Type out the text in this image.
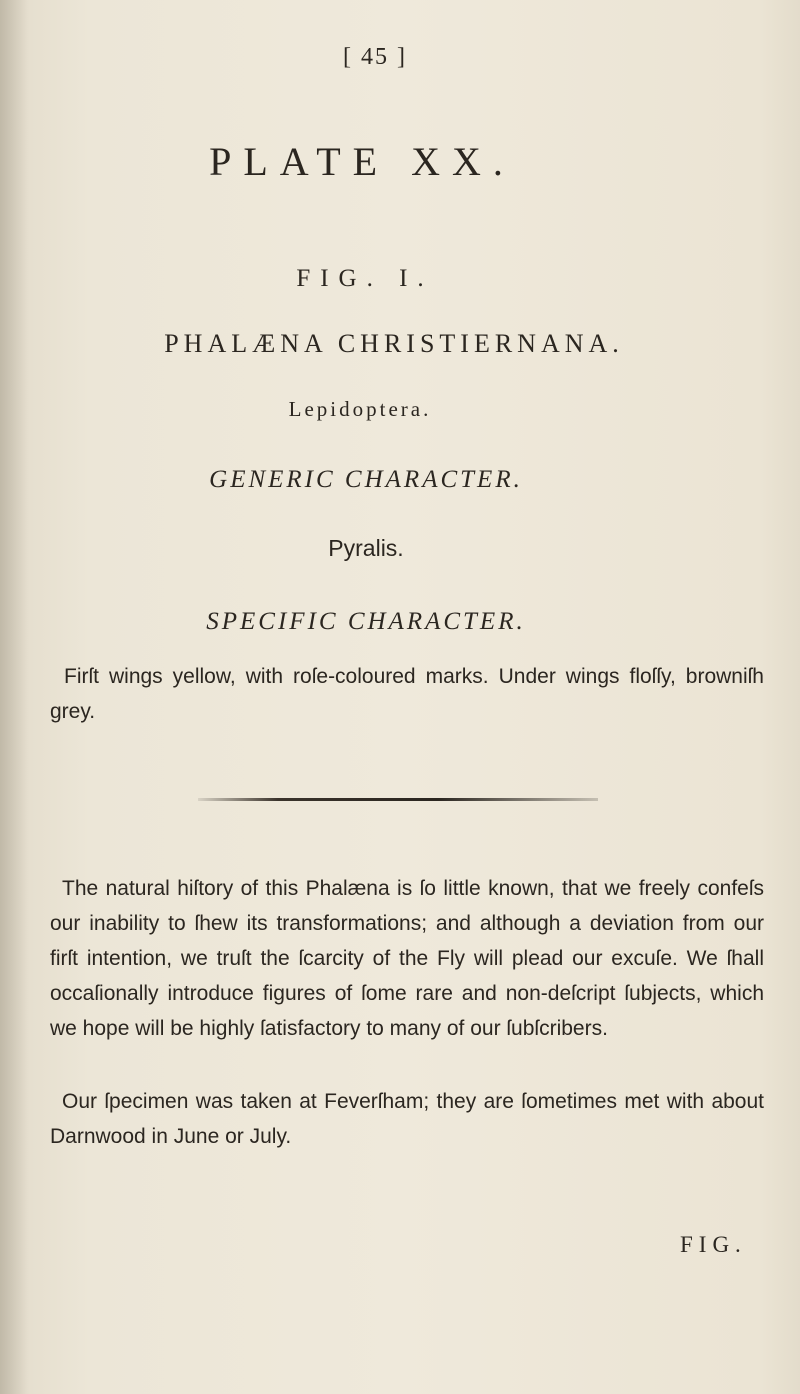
[ 45 ]
PLATE XX.
FIG. I.
PHALÆNA CHRISTIERNANA.
Lepidoptera.
GENERIC CHARACTER.
Pyralis.
SPECIFIC CHARACTER.
Firſt wings yellow, with roſe-coloured marks. Under wings floſſy, browniſh grey.
The natural hiſtory of this Phalæna is ſo little known, that we freely confeſs our inability to ſhew its transformations; and although a deviation from our firſt intention, we truſt the ſcarcity of the Fly will plead our excuſe. We ſhall occaſionally introduce figures of ſome rare and non-deſcript ſubjects, which we hope will be highly ſatisfactory to many of our ſubſcribers.
Our ſpecimen was taken at Feverſham; they are ſometimes met with about Darnwood in June or July.
FIG.
